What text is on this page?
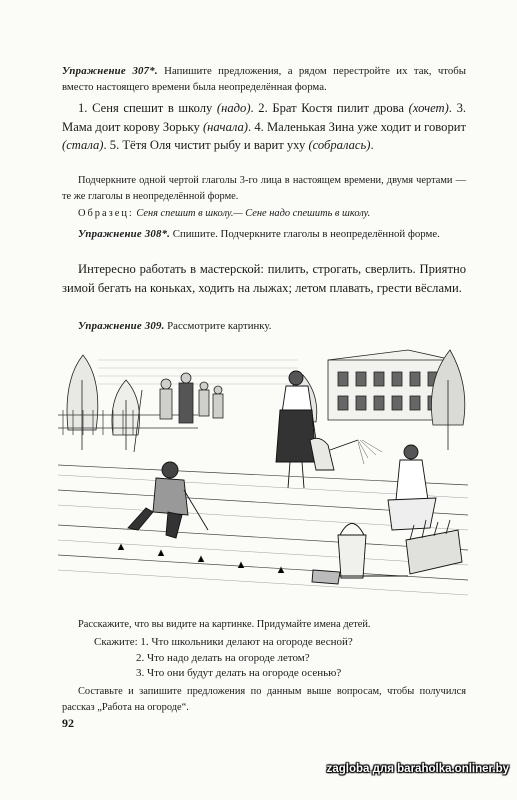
Упражнение 307*. Напишите предложения, а рядом перестройте их так, чтобы вместо настоящего времени была неопределённая форма.
1. Сеня спешит в школу (надо). 2. Брат Костя пилит дрова (хочет). 3. Мама доит корову Зорьку (начала). 4. Маленькая Зина уже ходит и говорит (стала). 5. Тётя Оля чистит рыбу и варит уху (собралась).
Подчеркните одной чертой глаголы 3-го лица в настоящем времени, двумя чертами — те же глаголы в неопределённой форме.
Образец: Сеня спешит в школу.— Сене надо спешить в школу.
Упражнение 308*. Спишите. Подчеркните глаголы в неопределённой форме.
Интересно работать в мастерской: пилить, строгать, сверлить. Приятно зимой бегать на коньках, ходить на лыжах; летом плавать, грести вёслами.
Упражнение 309. Рассмотрите картинку.
Расскажите, что вы видите на картинке. Придумайте имена детей.
Скажите: 1. Что школьники делают на огороде весной?
2. Что надо делать на огороде летом?
3. Что они будут делать на огороде осенью?
Составьте и запишите предложения по данным выше вопросам, чтобы получился рассказ „Работа на огороде“.
92
zagloba для baraholka.onliner.by
